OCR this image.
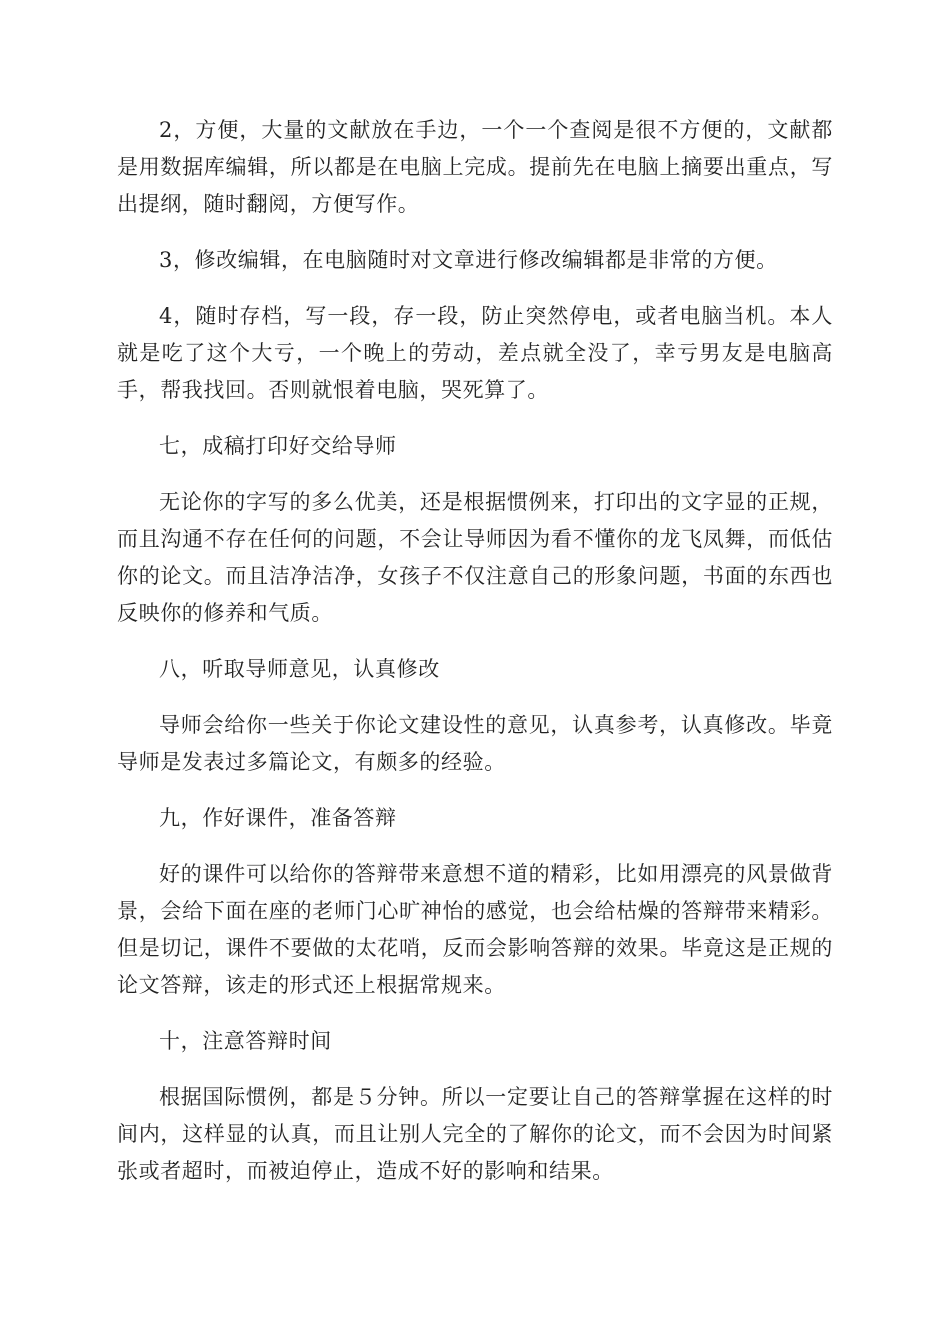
2，方便，大量的文献放在手边，一个一个查阅是很不方便的，文献都是用数据库编辑，所以都是在电脑上完成。提前先在电脑上摘要出重点，写出提纲，随时翻阅，方便写作。

3，修改编辑，在电脑随时对文章进行修改编辑都是非常的方便。

4，随时存档，写一段，存一段，防止突然停电，或者电脑当机。本人就是吃了这个大亏，一个晚上的劳动，差点就全没了，幸亏男友是电脑高手，帮我找回。否则就恨着电脑，哭死算了。

七，成稿打印好交给导师

无论你的字写的多么优美，还是根据惯例来，打印出的文字显的正规，而且沟通不存在任何的问题，不会让导师因为看不懂你的龙飞凤舞，而低估你的论文。而且洁净洁净，女孩子不仅注意自己的形象问题，书面的东西也反映你的修养和气质。

八，听取导师意见，认真修改

导师会给你一些关于你论文建设性的意见，认真参考，认真修改。毕竟导师是发表过多篇论文，有颇多的经验。

九，作好课件，准备答辩

好的课件可以给你的答辩带来意想不道的精彩，比如用漂亮的风景做背景，会给下面在座的老师门心旷神怡的感觉，也会给枯燥的答辩带来精彩。但是切记，课件不要做的太花哨，反而会影响答辩的效果。毕竟这是正规的论文答辩，该走的形式还上根据常规来。

十，注意答辩时间

根据国际惯例，都是５分钟。所以一定要让自己的答辩掌握在这样的时间内，这样显的认真，而且让别人完全的了解你的论文，而不会因为时间紧张或者超时，而被迫停止，造成不好的影响和结果。
